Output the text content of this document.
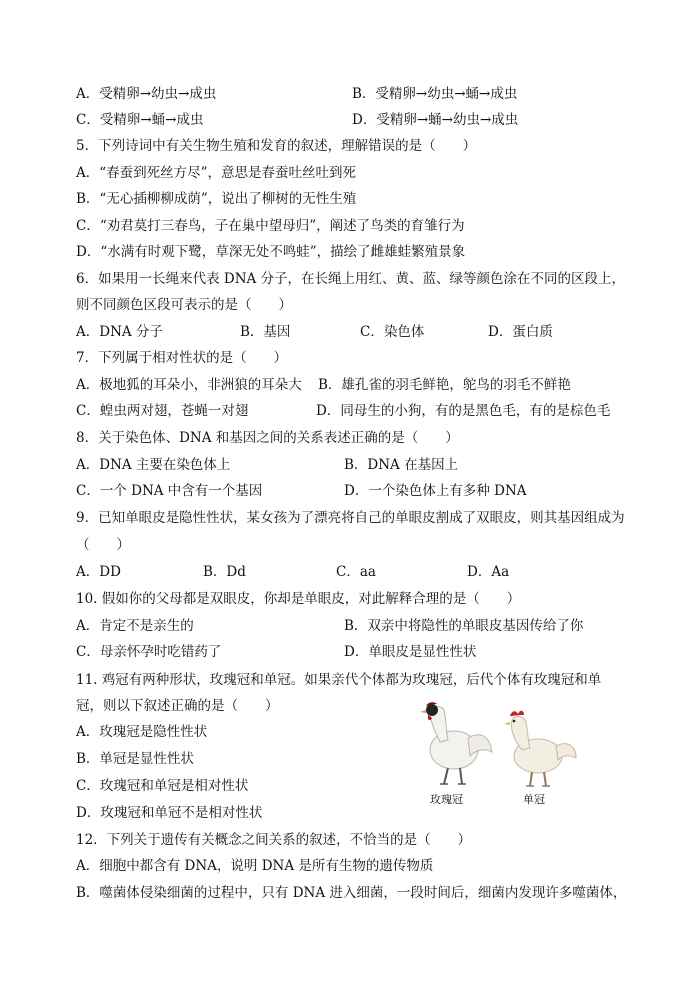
A．受精卵→幼虫→成虫	B．受精卵→幼虫→蛹→成虫
C．受精卵→蛹→成虫	D．受精卵→蛹→幼虫→成虫
5．下列诗词中有关生物生殖和发育的叙述，理解错误的是（　　）
A．“春蚕到死丝方尽”，意思是春蚕吐丝吐到死
B．“无心插柳柳成荫”，说出了柳树的无性生殖
C．“劝君莫打三春鸟，子在巢中望母归”，阐述了鸟类的育雏行为
D．“水满有时观下鹭，草深无处不鸣蛙”，描绘了雌雄蛙繁殖景象
6．如果用一长绳来代表 DNA 分子，在长绳上用红、黄、蓝、绿等颜色涂在不同的区段上，
则不同颜色区段可表示的是（　　）
A．DNA 分子	B．基因	C．染色体	D．蛋白质
7．下列属于相对性状的是（　　）
A．极地狐的耳朵小，非洲狼的耳朵大 B．雄孔雀的羽毛鲜艳，鸵鸟的羽毛不鲜艳
C．蝗虫两对翅，苍蝇一对翅	D．同母生的小狗，有的是黑色毛，有的是棕色毛
8．关于染色体、DNA 和基因之间的关系表述正确的是（　　）
A．DNA 主要在染色体上	B．DNA 在基因上
C．一个 DNA 中含有一个基因	D．一个染色体上有多种 DNA
9．已知单眼皮是隐性性状，某女孩为了漂亮将自己的单眼皮割成了双眼皮，则其基因组成为
（　　）
A．DD	B．Dd	C．aa	D．Aa
10. 假如你的父母都是双眼皮，你却是单眼皮，对此解释合理的是（　　）
A．肯定不是亲生的	B．双亲中将隐性的单眼皮基因传给了你
C．母亲怀孕时吃错药了	D．单眼皮是显性性状
11. 鸡冠有两种形状，玫瑰冠和单冠。如果亲代个体都为玫瑰冠，后代个体有玫瑰冠和单
冠，则以下叙述正确的是（　　）
A．玫瑰冠是隐性性状
B．单冠是显性性状
C．玫瑰冠和单冠是相对性状
D．玫瑰冠和单冠不是相对性状
玫瑰冠	单冠
12．下列关于遗传有关概念之间关系的叙述，不恰当的是（　　）
A．细胞中都含有 DNA，说明 DNA 是所有生物的遗传物质
B．噬菌体侵染细菌的过程中，只有 DNA 进入细菌，一段时间后，细菌内发现许多噬菌体，
